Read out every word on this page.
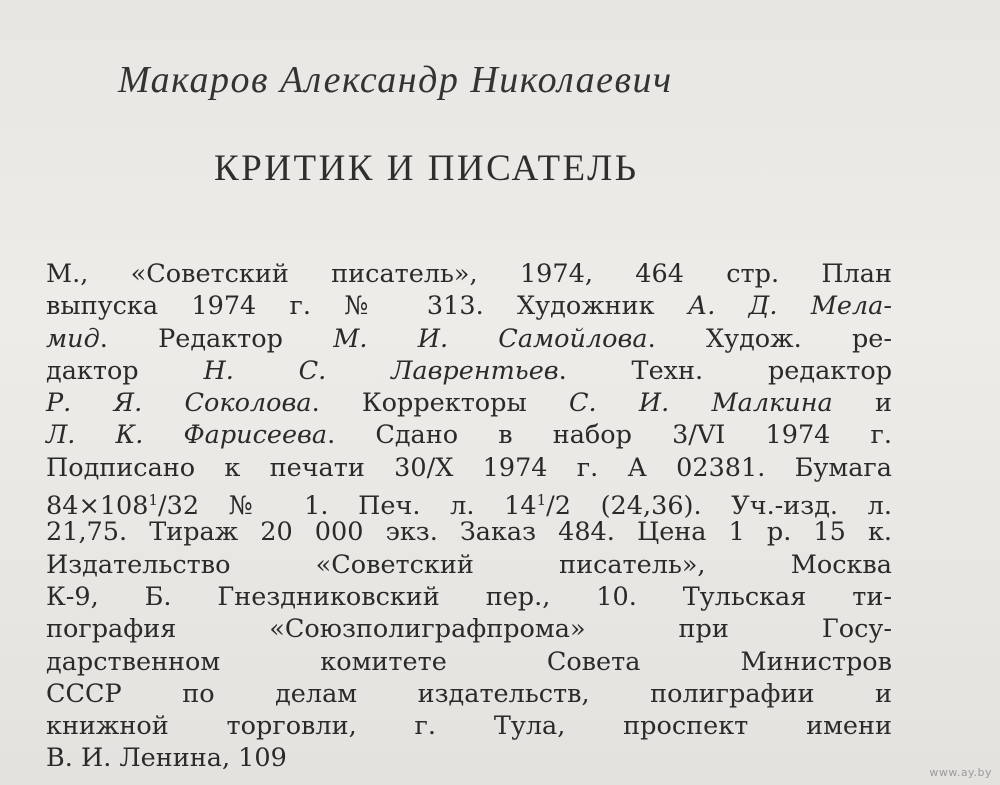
Макаров Александр Николаевич
КРИТИК И ПИСАТЕЛЬ
М., «Советский писатель», 1974, 464 стр. План
выпуска 1974 г. № 313. Художник А. Д. Мела-
мид. Редактор М. И. Самойлова. Худож. ре-
дактор Н. С. Лаврентьев. Техн. редактор
Р. Я. Соколова. Корректоры С. И. Малкина и
Л. К. Фарисеева. Сдано в набор 3/VI 1974 г.
Подписано к печати 30/X 1974 г. А 02381. Бумага
$84\times 108^1/32$ № 1. Печ. л. $14^1/2$ (24,36). Уч.-изд. л.
21,75. Тираж 20 000 экз. Заказ 484. Цена 1 р. 15 к.
Издательство «Советский писатель», Москва
К-9, Б. Гнездниковский пер., 10. Тульская ти-
пография «Союзполиграфпрома» при Госу-
дарственном комитете Совета Министров
СССР по делам издательств, полиграфии и
книжной торговли, г. Тула, проспект имени
В. И. Ленина, 109	www.ay.by
